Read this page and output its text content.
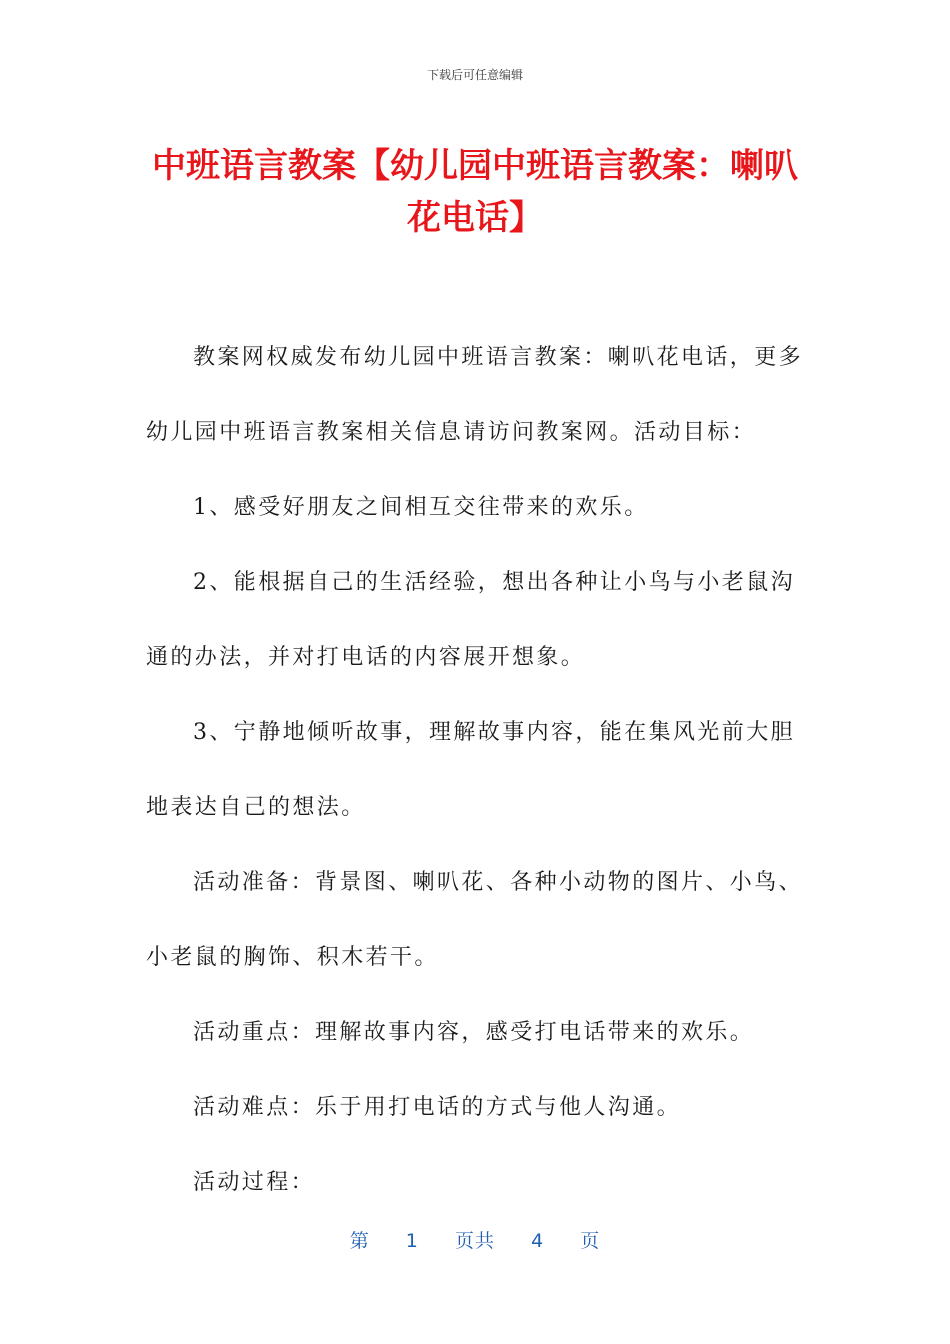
下载后可任意编辑
中班语言教案【幼儿园中班语言教案：喇叭花电话】

教案网权威发布幼儿园中班语言教案：喇叭花电话，更多幼儿园中班语言教案相关信息请访问教案网。活动目标：

1、感受好朋友之间相互交往带来的欢乐。

2、能根据自己的生活经验，想出各种让小鸟与小老鼠沟通的办法，并对打电话的内容展开想象。

3、宁静地倾听故事，理解故事内容，能在集风光前大胆地表达自己的想法。

活动准备：背景图、喇叭花、各种小动物的图片、小鸟、小老鼠的胸饰、积木若干。

活动重点：理解故事内容，感受打电话带来的欢乐。

活动难点：乐于用打电话的方式与他人沟通。

活动过程：

第 1 页共 4 页
